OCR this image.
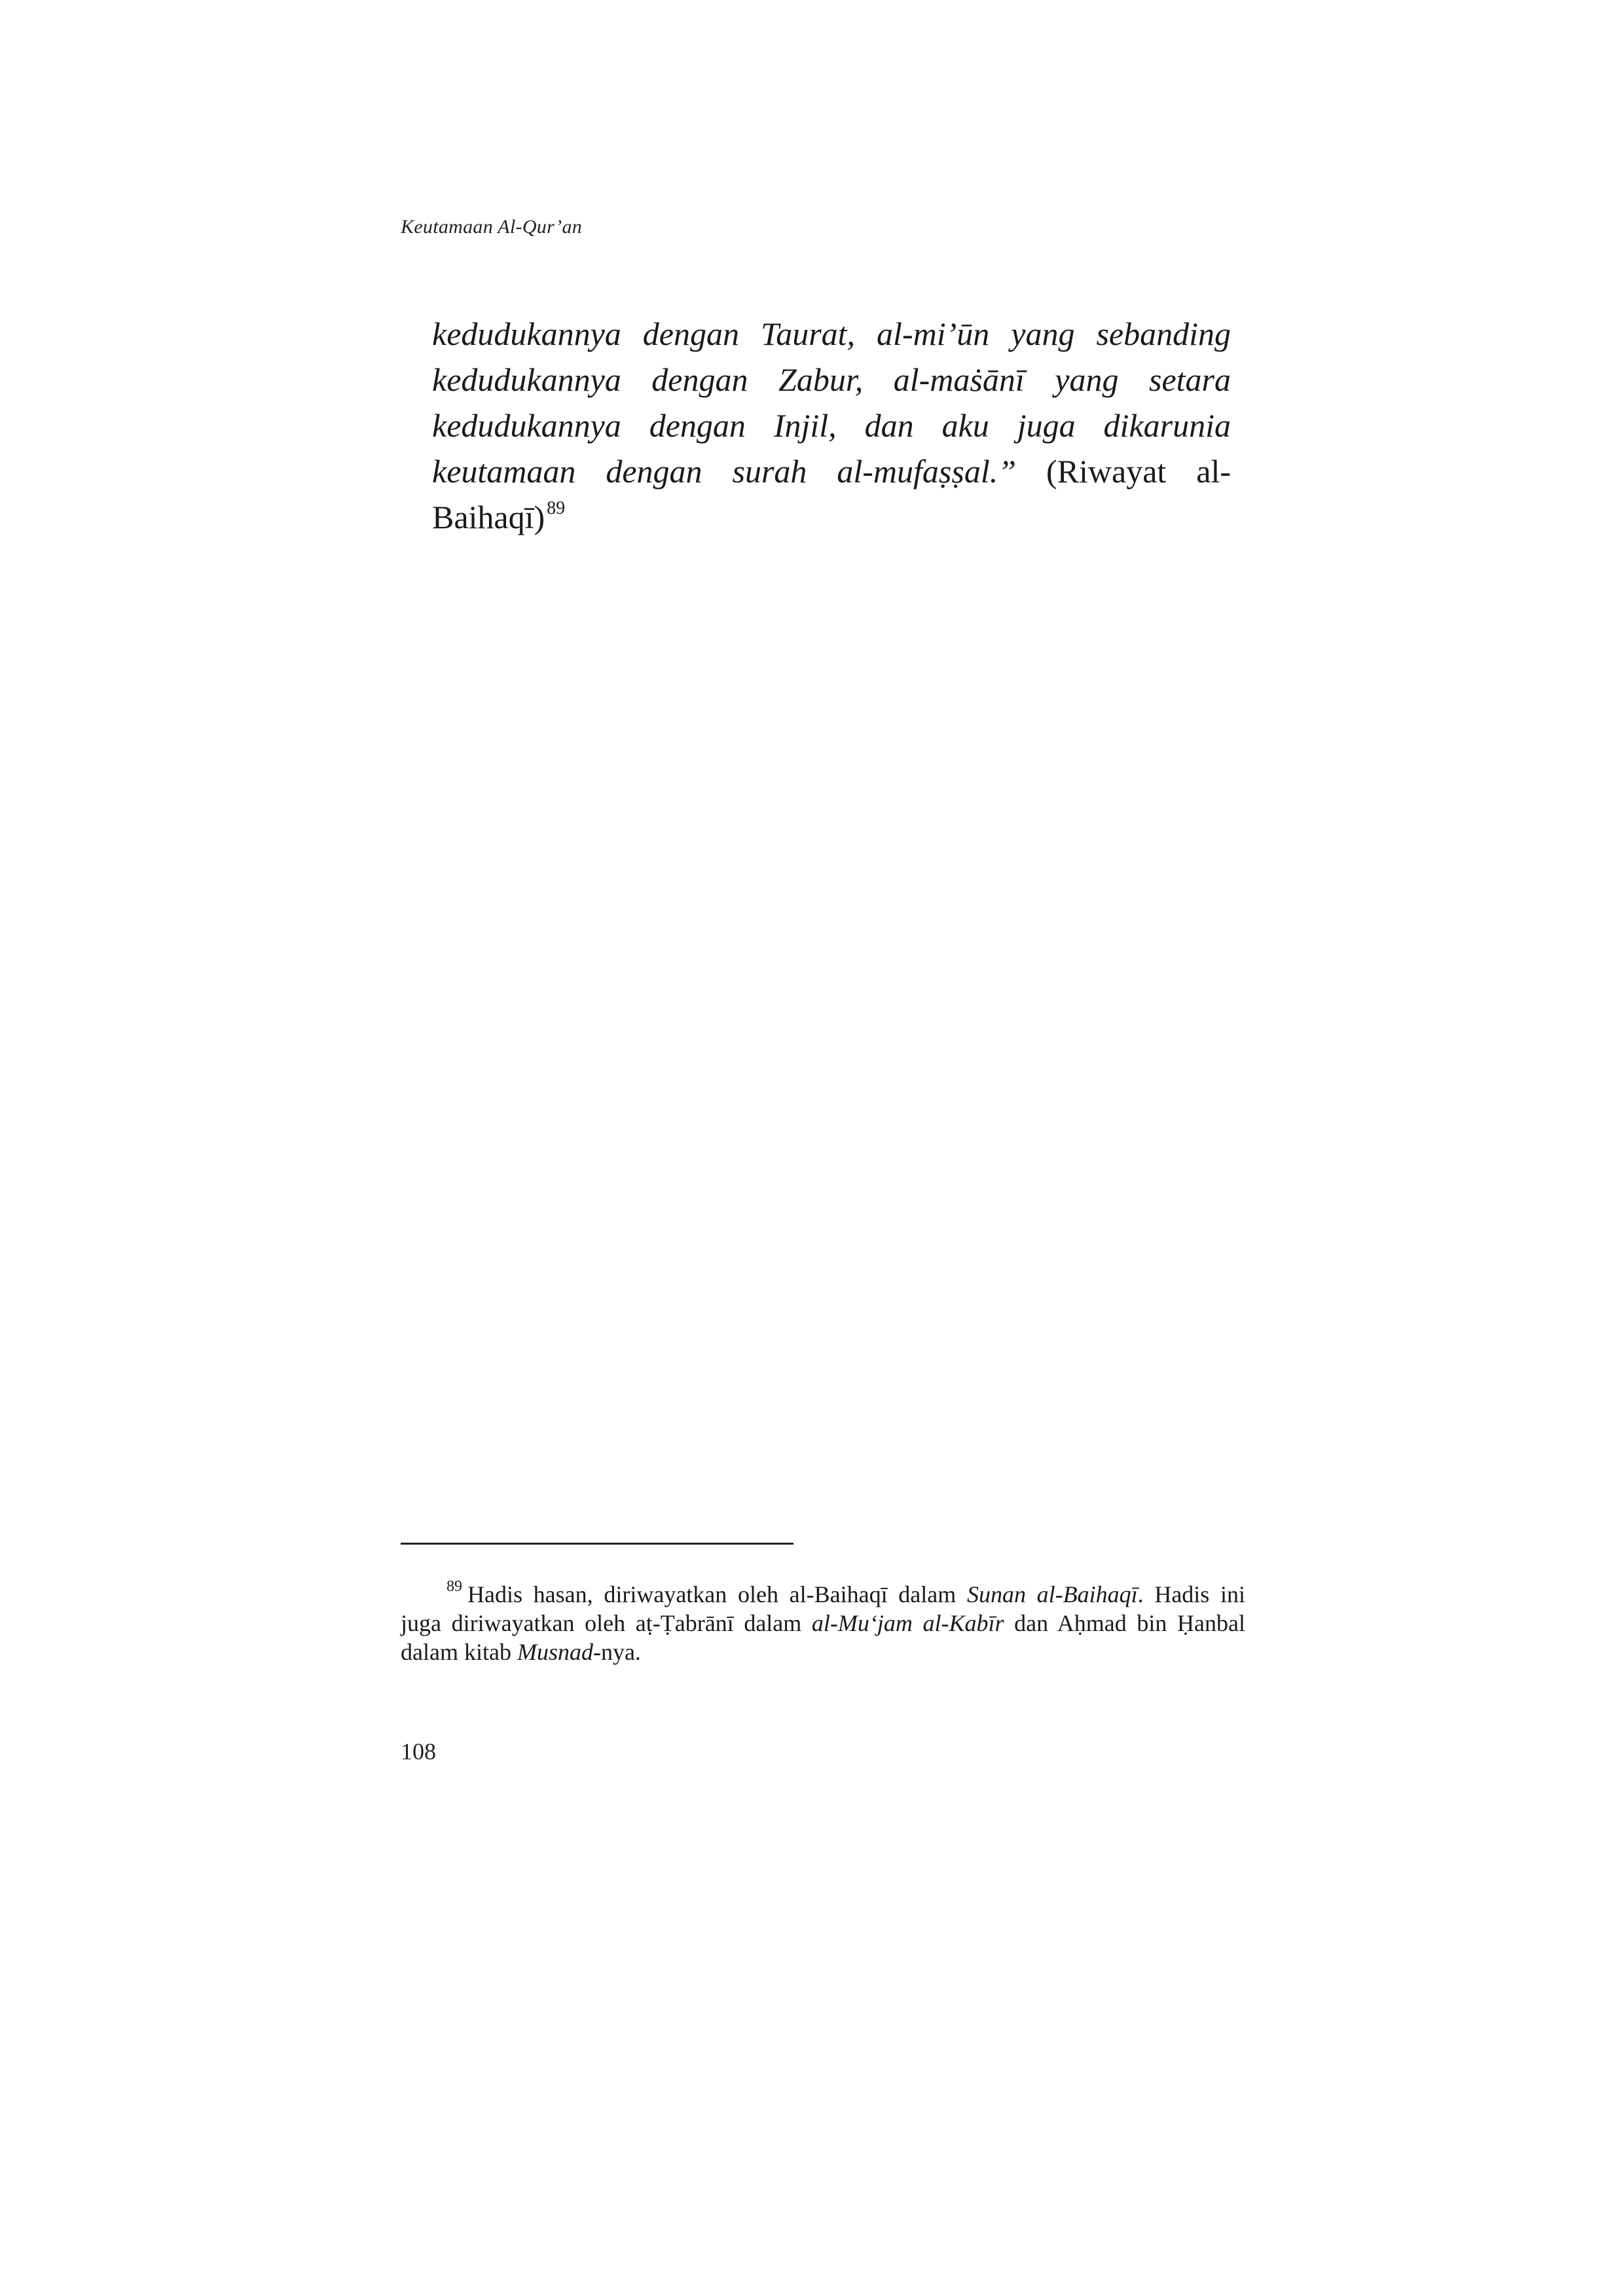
Keutamaan Al-Qur’an

kedudukannya dengan Taurat, al-mi’ūn yang sebanding kedudukannya dengan Zabur, al-maṡānī yang setara kedudukannya dengan Injil, dan aku juga dikarunia keutamaan dengan surah al-mufaṣṣal.” (Riwayat al-Baihaqī) $^{89}$

$^{89}$ Hadis hasan, diriwayatkan oleh al-Baihaqī dalam Sunan al-Baihaqī. Hadis ini juga diriwayatkan oleh aṭ-Ṭabrānī dalam al-Mu‘jam al-Kabīr dan Aḥmad bin Ḥanbal dalam kitab Musnad-nya.

108
